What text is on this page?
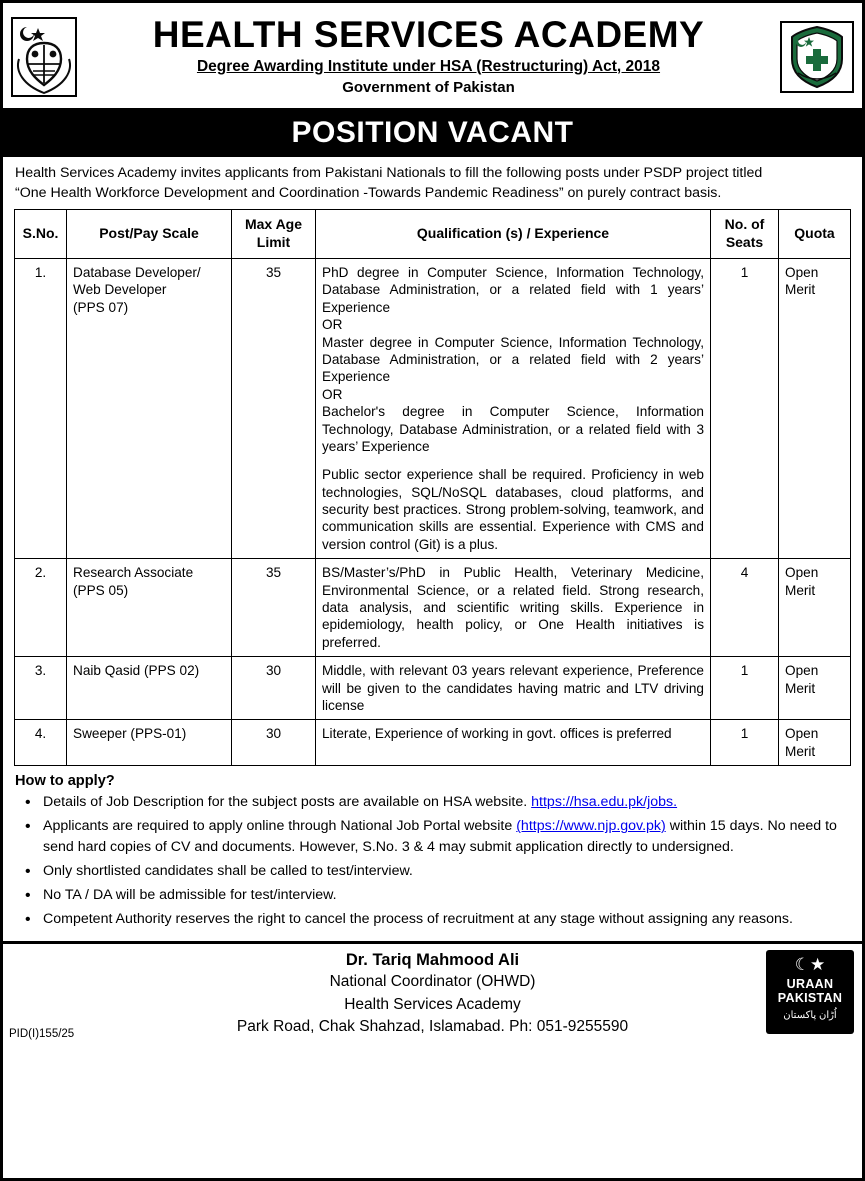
HEALTH SERVICES ACADEMY
Degree Awarding Institute under HSA (Restructuring) Act, 2018
Government of Pakistan
POSITION VACANT
Health Services Academy invites applicants from Pakistani Nationals to fill the following posts under PSDP project titled
“One Health Workforce Development and Coordination -Towards Pandemic Readiness” on purely contract basis.
S.No.	Post/Pay Scale	Max Age Limit	Qualification (s) / Experience	No. of Seats	Quota
1.	Database Developer/
Web Developer
(PPS 07)
	35	PhD degree in Computer Science, Information Technology, Database Administration, or a related field with 1 years’ Experience
OR
Master degree in Computer Science, Information Technology, Database Administration, or a related field with 2 years’ Experience
OR
Bachelor's degree in Computer Science, Information Technology, Database Administration, or a related field with 3 years’ Experience
Public sector experience shall be required. Proficiency in web technologies, SQL/NoSQL databases, cloud platforms, and security best practices. Strong problem-solving, teamwork, and communication skills are essential. Experience with CMS and version control (Git) is a plus.
	1	Open Merit
2.	Research Associate
(PPS 05)	35	BS/Master’s/PhD in Public Health, Veterinary Medicine, Environmental Science, or a related field. Strong research, data analysis, and scientific writing skills. Experience in epidemiology, health policy, or One Health initiatives is preferred.	4	Open Merit
3.	Naib Qasid (PPS 02)	30	Middle, with relevant 03 years relevant experience, Preference will be given to the candidates having matric and LTV driving license	1	Open Merit
4.	Sweeper (PPS-01)	30	Literate, Experience of working in govt. offices is preferred	1	Open Merit
How to apply?
• Details of Job Description for the subject posts are available on HSA website. https://hsa.edu.pk/jobs.
• Applicants are required to apply online through National Job Portal website (https://www.njp.gov.pk) within 15 days. No need to send hard copies of CV and documents. However, S.No. 3 & 4 may submit application directly to undersigned.
• Only shortlisted candidates shall be called to test/interview.
• No TA / DA will be admissible for test/interview.
• Competent Authority reserves the right to cancel the process of recruitment at any stage without assigning any reasons.
Dr. Tariq Mahmood Ali
National Coordinator (OHWD)
Health Services Academy
Park Road, Chak Shahzad, Islamabad. Ph: 051-9255590
PID(I)155/25
☾★
URAAN
PAKISTAN
اُڑان پاکستان
